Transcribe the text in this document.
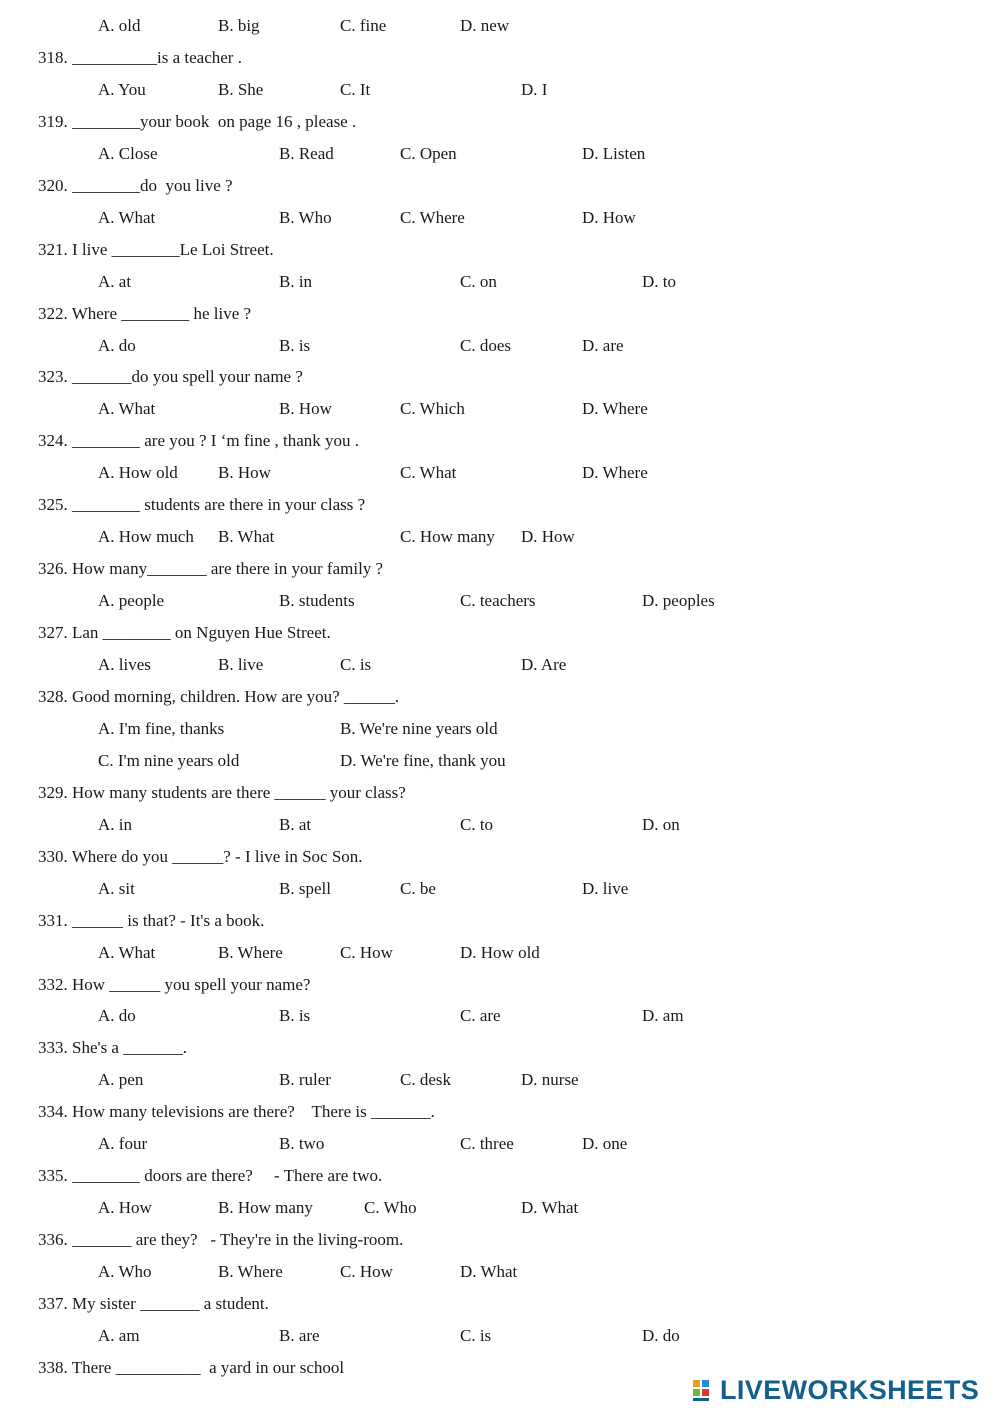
A. old	B. big	C. fine	D. new
318. __________is a teacher .
A. You	B. She	C. It	D. I
319. ________your book  on page 16 , please .
A. Close	B. Read	C. Open	D. Listen
320. ________do  you live ?
A. What	B. Who	C. Where	D. How
321. I live ________Le Loi Street.
A. at	B. in	C. on	D. to
322. Where ________ he live ?
A. do	B. is	C. does	D. are
323. _______do you spell your name ?
A. What	B. How	C. Which	D. Where
324. ________ are you ? I ‘m fine , thank you .
A. How old B. How	C. What	D. Where
325. ________ students are there in your class ?
A. How much B. What	C. How many D. How
326. How many_______ are there in your family ?
A. people	B. students	C. teachers	D. peoples
327. Lan ________ on Nguyen Hue Street.
A. lives	B. live	C. is	D. Are
328. Good morning, children. How are you? ______.
A. I'm fine, thanks	B. We're nine years old
C. I'm nine years old	D. We're fine, thank you
329. How many students are there ______ your class?
A. in	B. at	C. to	D. on
330. Where do you ______? - I live in Soc Son.
A. sit	B. spell	C. be	D. live
331. ______ is that? - It's a book.
A. What	B. Where	C. How	D. How old
332. How ______ you spell your name?
A. do	B. is	C. are	D. am
333. She's a _______.
A. pen	B. ruler	C. desk	D. nurse
334. How many televisions are there?    There is _______.
A. four	B. two	C. three	D. one
335. ________ doors are there?     - There are two.
A. How	B. How many	C. Who	D. What
336. _______ are they?   - They're in the living-room.
A. Who	B. Where	C. How	D. What
337. My sister _______ a student.
A. am	B. are	C. is	D. do
338. There __________  a yard in our school
LIVEWORKSHEETS
